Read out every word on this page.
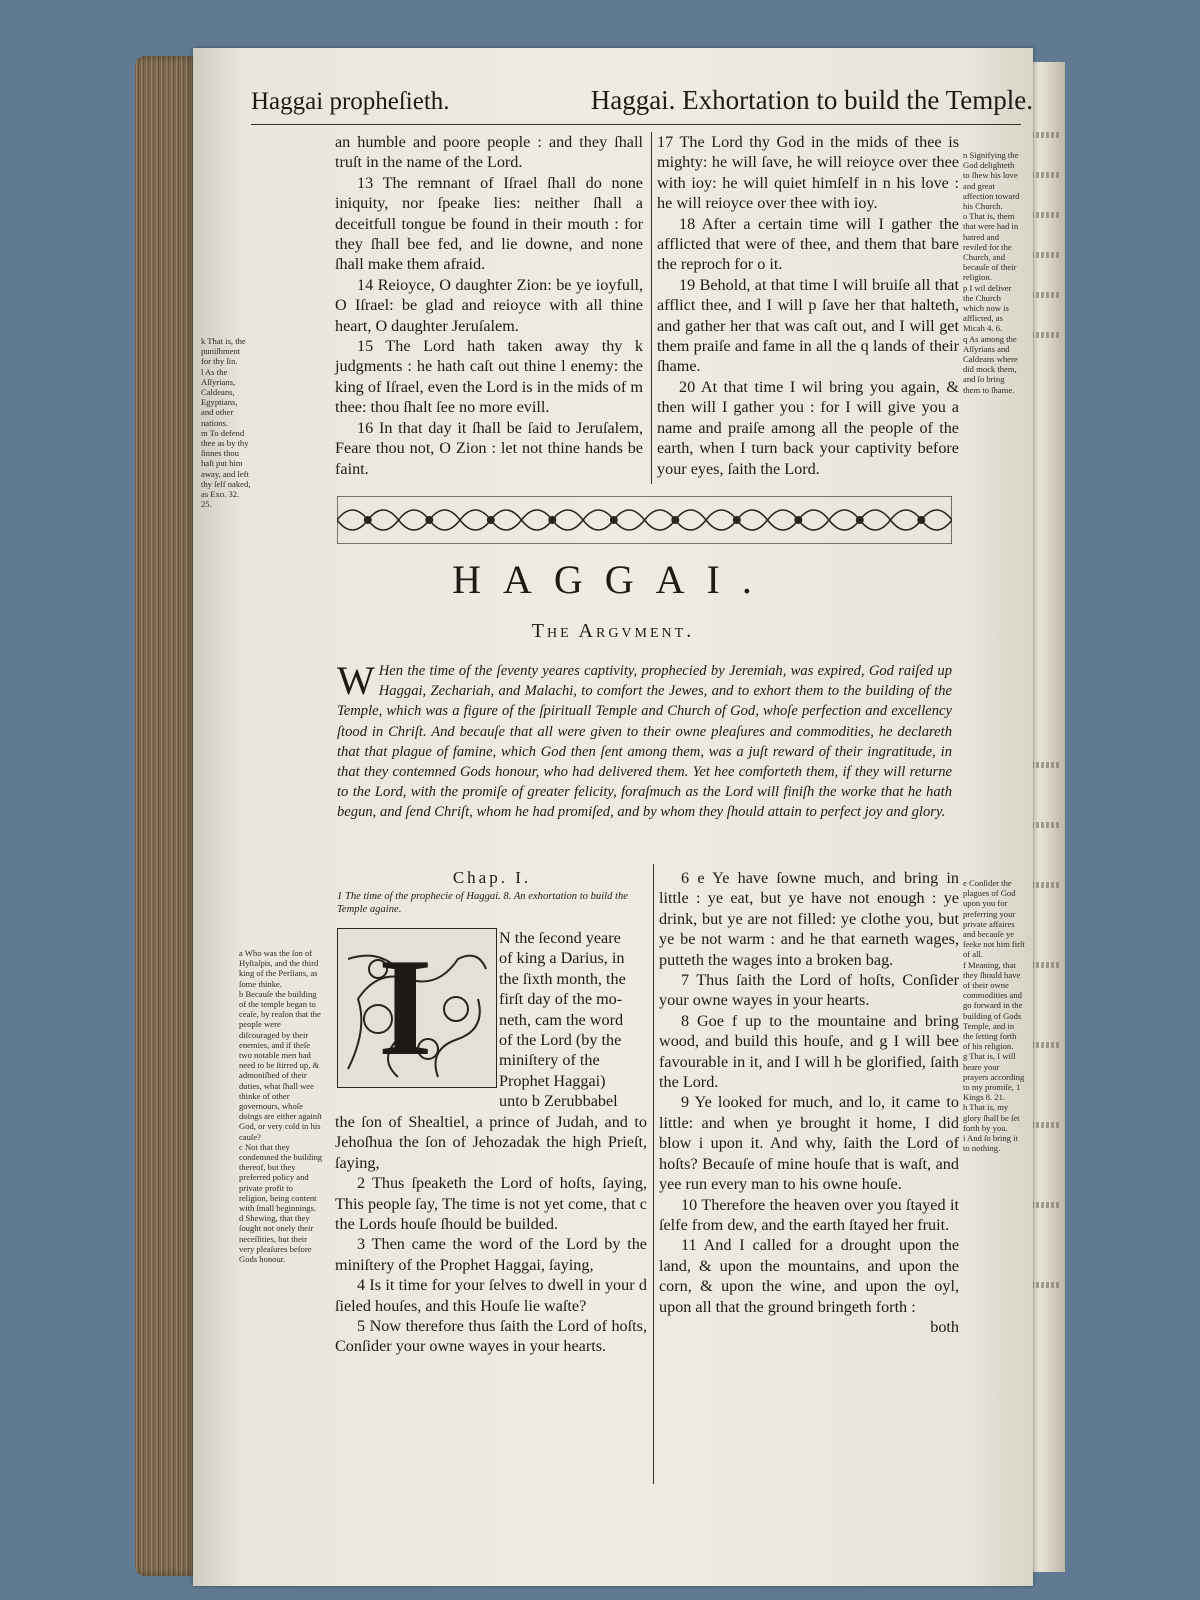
Haggai propheſieth.	Haggai. Exhortation to build the Temple.

k That is, the puniſhment for thy ſin.

l As the Aſſyrians, Caldeans, Egyptians, and other nations.

m To defend thee as by thy ſinnes thou haſt put him away, and left thy ſelf naked, as Exo. 32. 25.

an humble and poore people : and they ſhall truſt in the name of the Lord.

13 The remnant of Iſrael ſhall do none iniquity, nor ſpeake lies: neither ſhall a deceitfull tongue be found in their mouth : for they ſhall bee fed, and lie downe, and none ſhall make them afraid.

14 Reioyce, O daughter Zion: be ye ioyfull, O Iſrael: be glad and reioyce with all thine heart, O daughter Jeruſalem.

15 The Lord hath taken away thy k judgments : he hath caſt out thine l enemy: the king of Iſrael, even the Lord is in the mids of m thee: thou ſhalt ſee no more evill.

16 In that day it ſhall be ſaid to Jeruſalem, Feare thou not, O Zion : let not thine hands be faint.

17 The Lord thy God in the mids of thee is mighty: he will ſave, he will reioyce over thee with ioy: he will quiet himſelf in n his love : he will reioyce over thee with ioy.

18 After a certain time will I gather the afflicted that were of thee, and them that bare the reproch for o it.

19 Behold, at that time I will bruiſe all that afflict thee, and I will p ſave her that halteth, and gather her that was caſt out, and I will get them praiſe and fame in all the q lands of their ſhame.

20 At that time I wil bring you again, & then will I gather you : for I will give you a name and praiſe among all the people of the earth, when I turn back your captivity before your eyes, ſaith the Lord.

n Signifying the God delighteth to ſhew his love and great affection toward his Church.

o That is, them that were had in hatred and reviled for the Church, and becauſe of their religion.

p I wil deliver the Church which now is afflicted, as Micah 4. 6.

q As among the Aſſyrians and Caldeans where did mock them, and ſo bring them to ſhame.

HAGGAI.
The Argvment.
W Hen the time of the ſeventy yeares captivity, prophecied by Jeremiah, was expired, God raiſed up Haggai, Zechariah, and Malachi, to comfort the Jewes, and to exhort them to the building of the Temple, which was a figure of the ſpirituall Temple and Church of God, whoſe perfection and excellency ſtood in Chriſt. And becauſe that all were given to their owne pleaſures and commodities, he declareth that that plague of famine, which God then ſent among them, was a juſt reward of their ingratitude, in that they contemned Gods honour, who had delivered them. Yet hee comforteth them, if they will returne to the Lord, with the promiſe of greater felicity, foraſmuch as the Lord will finiſh the worke that he hath begun, and ſend Chriſt, whom he had promiſed, and by whom they ſhould attain to perfect joy and glory.
Chap. I.
1 The time of the prophecie of Haggai. 8. An exhortation to build the Temple againe.

a Who was the ſon of Hyſtaſpis, and the third king of the Perſians, as ſome thinke.

b Becauſe the building of the temple began to ceaſe, by reaſon that the people were diſcouraged by their enemies, and if theſe two notable men had need to be ſtirred up, & admoniſhed of their duties, what ſhall wee thinke of other governours, whoſe doings are either againſt God, or very cold in his cauſe?

c Not that they condemned the building thereof, but they preferred policy and private profit to religion, being content with ſmall beginnings.

d Shewing, that they ſought not onely their neceſſities, but their very pleaſures before Gods honour.

I	N the ſecond yeare

of king a Darius, in

the ſixth month, the

firſt day of the mo-

neth, cam the word

of the Lord (by the

miniſtery of the

Prophet Haggai)

unto b Zerubbabel

the ſon of Shealtiel, a prince of Judah, and to Jehoſhua the ſon of Jehozadak the high Prieſt, ſaying,

2 Thus ſpeaketh the Lord of hoſts, ſaying, This people ſay, The time is not yet come, that c the Lords houſe ſhould be builded.

3 Then came the word of the Lord by the miniſtery of the Prophet Haggai, ſaying,

4 Is it time for your ſelves to dwell in your d ſieled houſes, and this Houſe lie waſte?

5 Now therefore thus ſaith the Lord of hoſts, Conſider your owne wayes in your hearts.

6 e Ye have ſowne much, and bring in little : ye eat, but ye have not enough : ye drink, but ye are not filled: ye clothe you, but ye be not warm : and he that earneth wages, putteth the wages into a broken bag.

7 Thus ſaith the Lord of hoſts, Conſider your owne wayes in your hearts.

8 Goe f up to the mountaine and bring wood, and build this houſe, and g I will bee favourable in it, and I will h be glorified, ſaith the Lord.

9 Ye looked for much, and lo, it came to little: and when ye brought it home, I did blow i upon it. And why, ſaith the Lord of hoſts? Becauſe of mine houſe that is waſt, and yee run every man to his owne houſe.

10 Therefore the heaven over you ſtayed it ſelfe from dew, and the earth ſtayed her fruit.

11 And I called for a drought upon the land, & upon the mountains, and upon the corn, & upon the wine, and upon the oyl, upon all that the ground bringeth forth :

both

e Conſider the plagues of God upon you for preferring your private affaires and becauſe ye ſeeke not him firſt of all.

f Meaning, that they ſhould have of their owne commodities and go forward in the building of Gods Temple, and in the ſetting forth of his religion.

g That is, I will heare your prayers according to my promiſe, 1 Kings 8. 21.

h That is, my glory ſhall be ſet forth by you.

i And ſo bring it to nothing.
